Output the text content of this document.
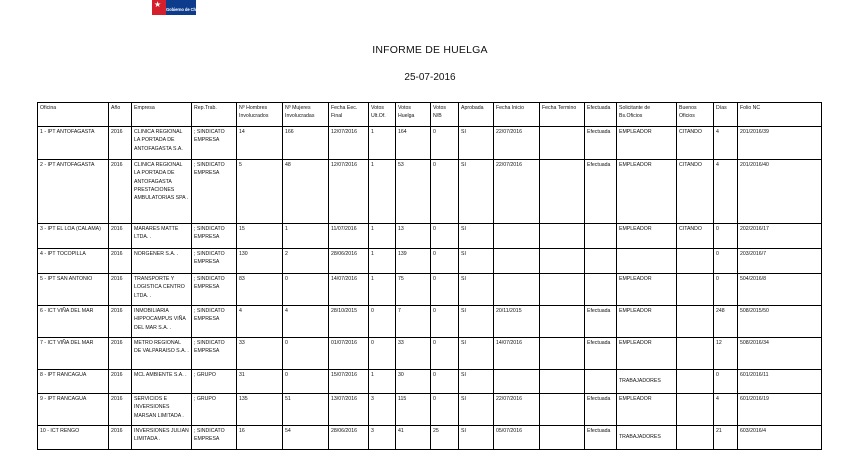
★
Gobierno de Chile
INFORME DE HUELGA
25-07-2016
Oficina	Año	Empresa	Rep.Trab.	Nº Hombres Involucrados	Nº Mujeres Involucradas	Fecha Eec. Final	Votos Ult.Of.	Votos Huelga	Votos N/B	Aprobada	Fecha Inicio	Fecha Termino	Efectuada	Solicitante de Bs.Oficios	Buenos Oficios	Días	Folio NC
1 - IPT ANTOFAGASTA	2016	CLINICA REGIONAL LA PORTADA DE ANTOFAGASTA S.A.	; SINDICATO EMPRESA	14	166	12/07/2016	1	164	0	SI	22/07/2016		Efectuada	EMPLEADOR	CITANDO	4	201/2016/39
2 - IPT ANTOFAGASTA	2016	CLINICA REGIONAL LA PORTADA DE ANTOFAGASTA PRESTACIONES AMBULATORIAS SPA .	; SINDICATO EMPRESA	5	48	12/07/2016	1	53	0	SI	22/07/2016		Efectuada	EMPLEADOR	CITANDO	4	201/2016/40
3 - IPT EL LOA (CALAMA)	2016	MARARES MATTE LTDA. .	; SINDICATO EMPRESA	15	1	11/07/2016	1	13	0	SI				EMPLEADOR	CITANDO	0	202/2016/17
4 - IPT TOCOPILLA	2016	NORGENER S.A. .	; SINDICATO EMPRESA	130	2	28/06/2016	1	139	0	SI						0	203/2016/7
5 - IPT SAN ANTONIO	2016	TRANSPORTE Y LOGISTICA CENTRO LTDA. .	; SINDICATO EMPRESA	83	0	14/07/2016	1	75	0	SI				EMPLEADOR		0	504/2016/8
6 - ICT VIÑA DEL MAR	2016	INMOBILIARIA HIPPOCAMPUS VIÑA DEL MAR S.A. .	; SINDICATO EMPRESA	4	4	28/10/2015	0	7	0	SI	20/11/2015		Efectuada	EMPLEADOR		248	508/2015/50
7 - ICT VIÑA DEL MAR	2016	METRO REGIONAL DE VALPARAISO S.A. .	; SINDICATO EMPRESA	33	0	01/07/2016	0	33	0	SI	14/07/2016		Efectuada	EMPLEADOR		12	508/2016/34
8 - IPT RANCAGUA	2016	MCL AMBIENTE S.A. .	; GRUPO	31	0	15/07/2016	1	30	0	SI				TRABAJADORES		0	601/2016/11
9 - IPT RANCAGUA	2016	SERVICIOS E INVERSIONES MARSAN LIMITADA .	; GRUPO	135	51	13/07/2016	3	115	0	SI	22/07/2016		Efectuada	EMPLEADOR		4	601/2016/19
10 - ICT RENGO	2016	INVERSIONES JULIAN LIMITADA .	; SINDICATO EMPRESA	16	54	28/06/2016	3	41	25	SI	05/07/2016		Efectuada	TRABAJADORES		21	603/2016/4
